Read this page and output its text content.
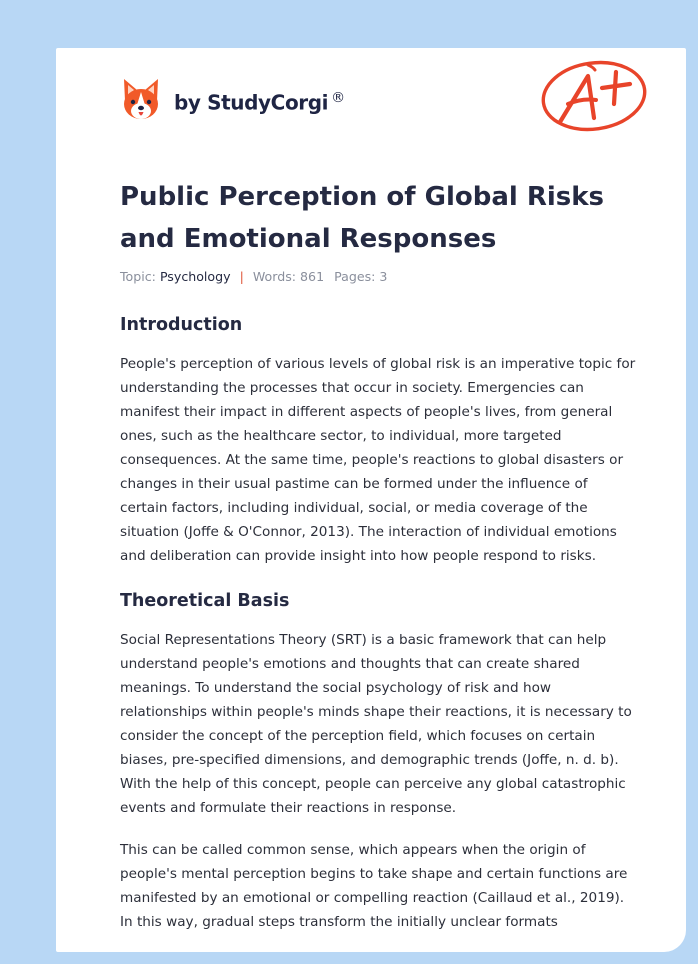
by StudyCorgi ®
Public Perception of Global Risks and Emotional Responses
Topic: Psychology | Words: 861 Pages: 3
Introduction

People's perception of various levels of global risk is an imperative topic for understanding the processes that occur in society. Emergencies can manifest their impact in different aspects of people's lives, from general ones, such as the healthcare sector, to individual, more targeted consequences. At the same time, people's reactions to global disasters or changes in their usual pastime can be formed under the influence of certain factors, including individual, social, or media coverage of the situation (Joffe & O'Connor, 2013). The interaction of individual emotions and deliberation can provide insight into how people respond to risks.

Theoretical Basis

Social Representations Theory (SRT) is a basic framework that can help understand people's emotions and thoughts that can create shared meanings. To understand the social psychology of risk and how relationships within people's minds shape their reactions, it is necessary to consider the concept of the perception field, which focuses on certain biases, pre-specified dimensions, and demographic trends (Joffe, n. d. b). With the help of this concept, people can perceive any global catastrophic events and formulate their reactions in response.

This can be called common sense, which appears when the origin of people's mental perception begins to take shape and certain functions are manifested by an emotional or compelling reaction (Caillaud et al., 2019). In this way, gradual steps transform the initially unclear formats
